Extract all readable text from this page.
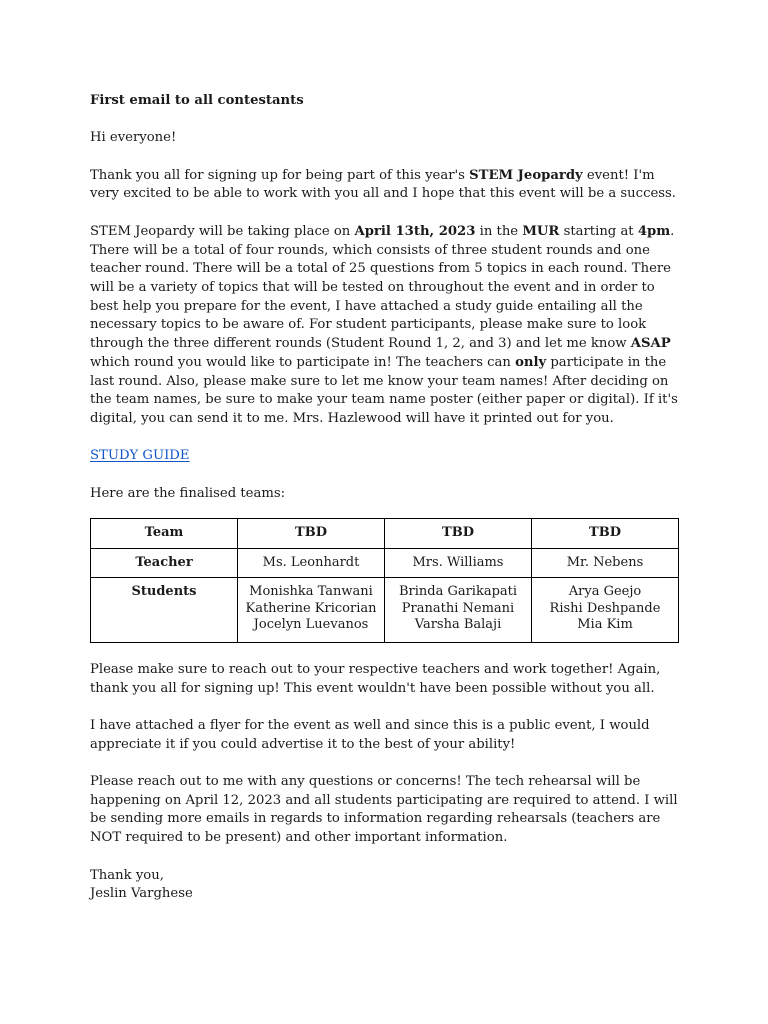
First email to all contestants

Hi everyone!

Thank you all for signing up for being part of this year's STEM Jeopardy event! I'm very excited to be able to work with you all and I hope that this event will be a success.

STEM Jeopardy will be taking place on April 13th, 2023 in the MUR starting at 4pm. There will be a total of four rounds, which consists of three student rounds and one teacher round. There will be a total of 25 questions from 5 topics in each round. There will be a variety of topics that will be tested on throughout the event and in order to best help you prepare for the event, I have attached a study guide entailing all the necessary topics to be aware of. For student participants, please make sure to look through the three different rounds (Student Round 1, 2, and 3) and let me know ASAP which round you would like to participate in! The teachers can only participate in the last round. Also, please make sure to let me know your team names! After deciding on the team names, be sure to make your team name poster (either paper or digital). If it's digital, you can send it to me. Mrs. Hazlewood will have it printed out for you.

STUDY GUIDE

Here are the finalised teams:

Team	TBD	TBD	TBD
Teacher	Ms. Leonhardt	Mrs. Williams	Mr. Nebens
Students	Monishka Tanwani
Katherine Kricorian
Jocelyn Luevanos	Brinda Garikapati
Pranathi Nemani
Varsha Balaji	Arya Geejo
Rishi Deshpande
Mia Kim

Please make sure to reach out to your respective teachers and work together! Again, thank you all for signing up! This event wouldn't have been possible without you all.

I have attached a flyer for the event as well and since this is a public event, I would appreciate it if you could advertise it to the best of your ability!

Please reach out to me with any questions or concerns! The tech rehearsal will be happening on April 12, 2023 and all students participating are required to attend. I will be sending more emails in regards to information regarding rehearsals (teachers are NOT required to be present) and other important information.

Thank you,

Jeslin Varghese
